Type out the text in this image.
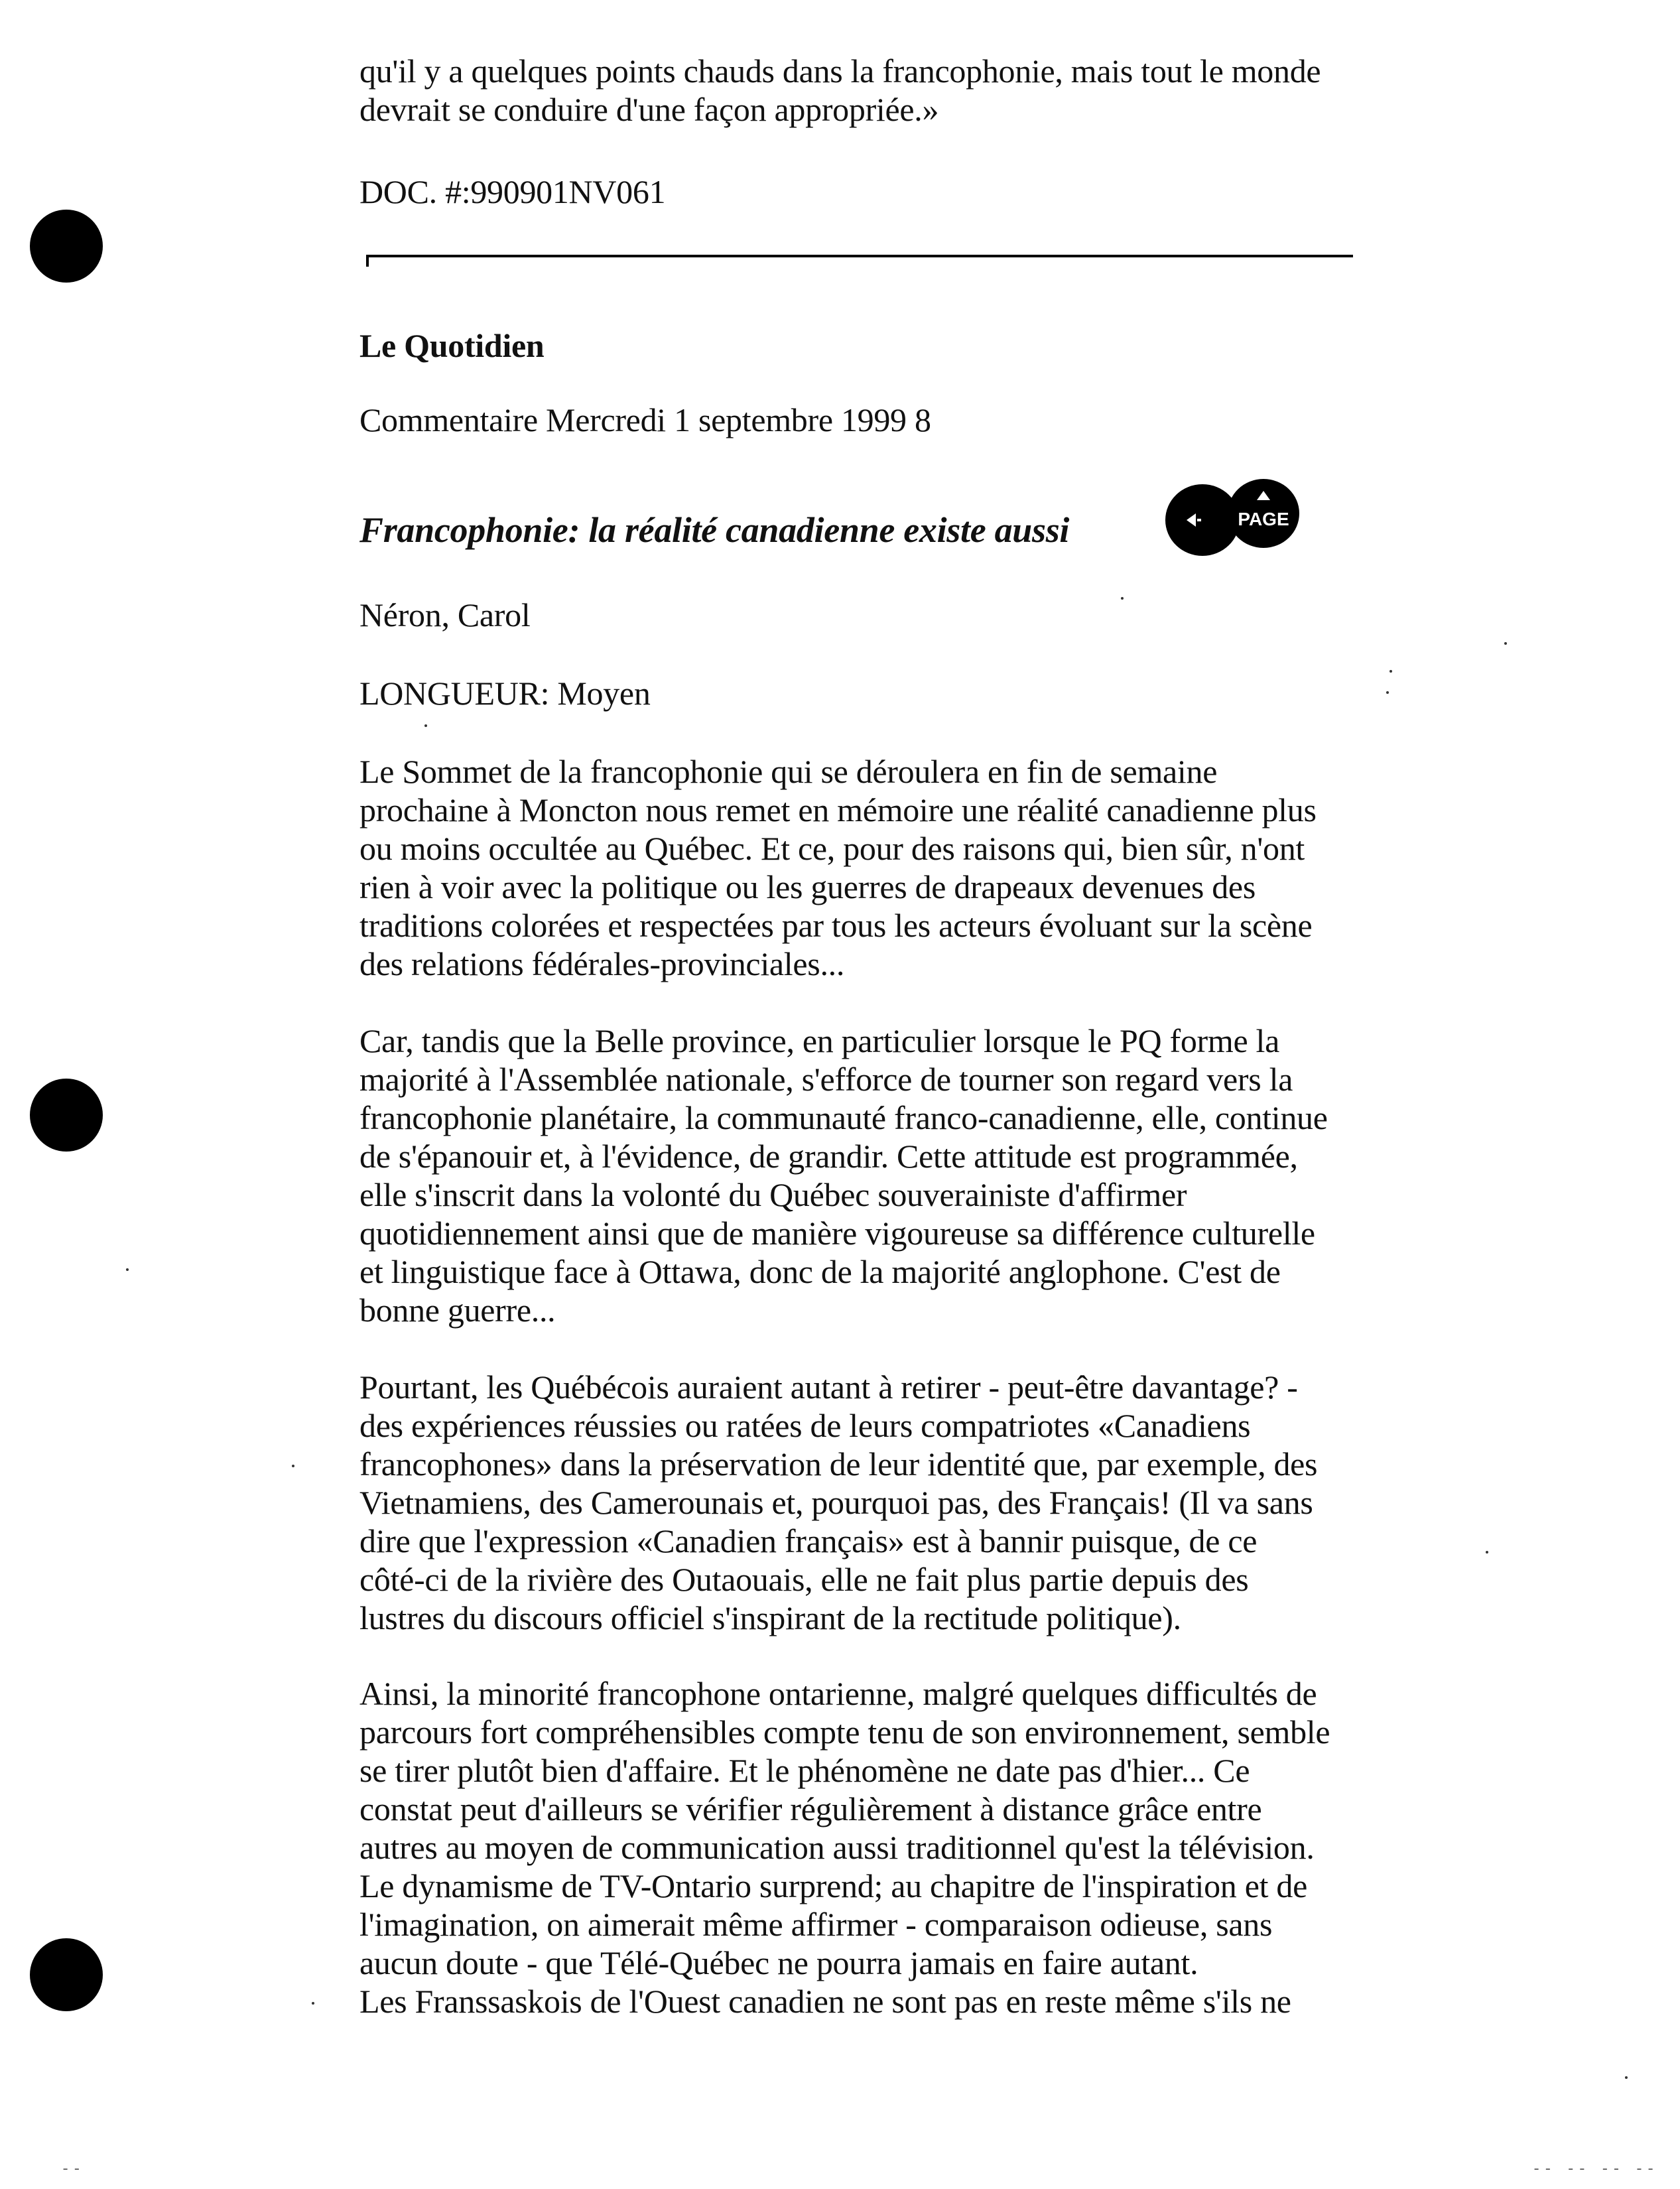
qu'il y a quelques points chauds dans la francophonie, mais tout le monde

devrait se conduire d'une façon appropriée.»

DOC. #:990901NV061

Le Quotidien

Commentaire Mercredi 1 septembre 1999 8

Francophonie: la réalité canadienne existe aussi	PAGE

Néron, Carol

LONGUEUR: Moyen

Le Sommet de la francophonie qui se déroulera en fin de semaine

prochaine à Moncton nous remet en mémoire une réalité canadienne plus

ou moins occultée au Québec. Et ce, pour des raisons qui, bien sûr, n'ont

rien à voir avec la politique ou les guerres de drapeaux devenues des

traditions colorées et respectées par tous les acteurs évoluant sur la scène

des relations fédérales-provinciales...

Car, tandis que la Belle province, en particulier lorsque le PQ forme la

majorité à l'Assemblée nationale, s'efforce de tourner son regard vers la

francophonie planétaire, la communauté franco-canadienne, elle, continue

de s'épanouir et, à l'évidence, de grandir. Cette attitude est programmée,

elle s'inscrit dans la volonté du Québec souverainiste d'affirmer

quotidiennement ainsi que de manière vigoureuse sa différence culturelle

et linguistique face à Ottawa, donc de la majorité anglophone. C'est de

bonne guerre...

Pourtant, les Québécois auraient autant à retirer - peut-être davantage? -

des expériences réussies ou ratées de leurs compatriotes «Canadiens

francophones» dans la préservation de leur identité que, par exemple, des

Vietnamiens, des Camerounais et, pourquoi pas, des Français! (Il va sans

dire que l'expression «Canadien français» est à bannir puisque, de ce

côté-ci de la rivière des Outaouais, elle ne fait plus partie depuis des

lustres du discours officiel s'inspirant de la rectitude politique).

Ainsi, la minorité francophone ontarienne, malgré quelques difficultés de

parcours fort compréhensibles compte tenu de son environnement, semble

se tirer plutôt bien d'affaire. Et le phénomène ne date pas d'hier... Ce

constat peut d'ailleurs se vérifier régulièrement à distance grâce entre

autres au moyen de communication aussi traditionnel qu'est la télévision.

Le dynamisme de TV-Ontario surprend; au chapitre de l'inspiration et de

l'imagination, on aimerait même affirmer - comparaison odieuse, sans

aucun doute - que Télé-Québec ne pourra jamais en faire autant.

Les Franssaskois de l'Ouest canadien ne sont pas en reste même s'ils ne

--	-- -- -- --
